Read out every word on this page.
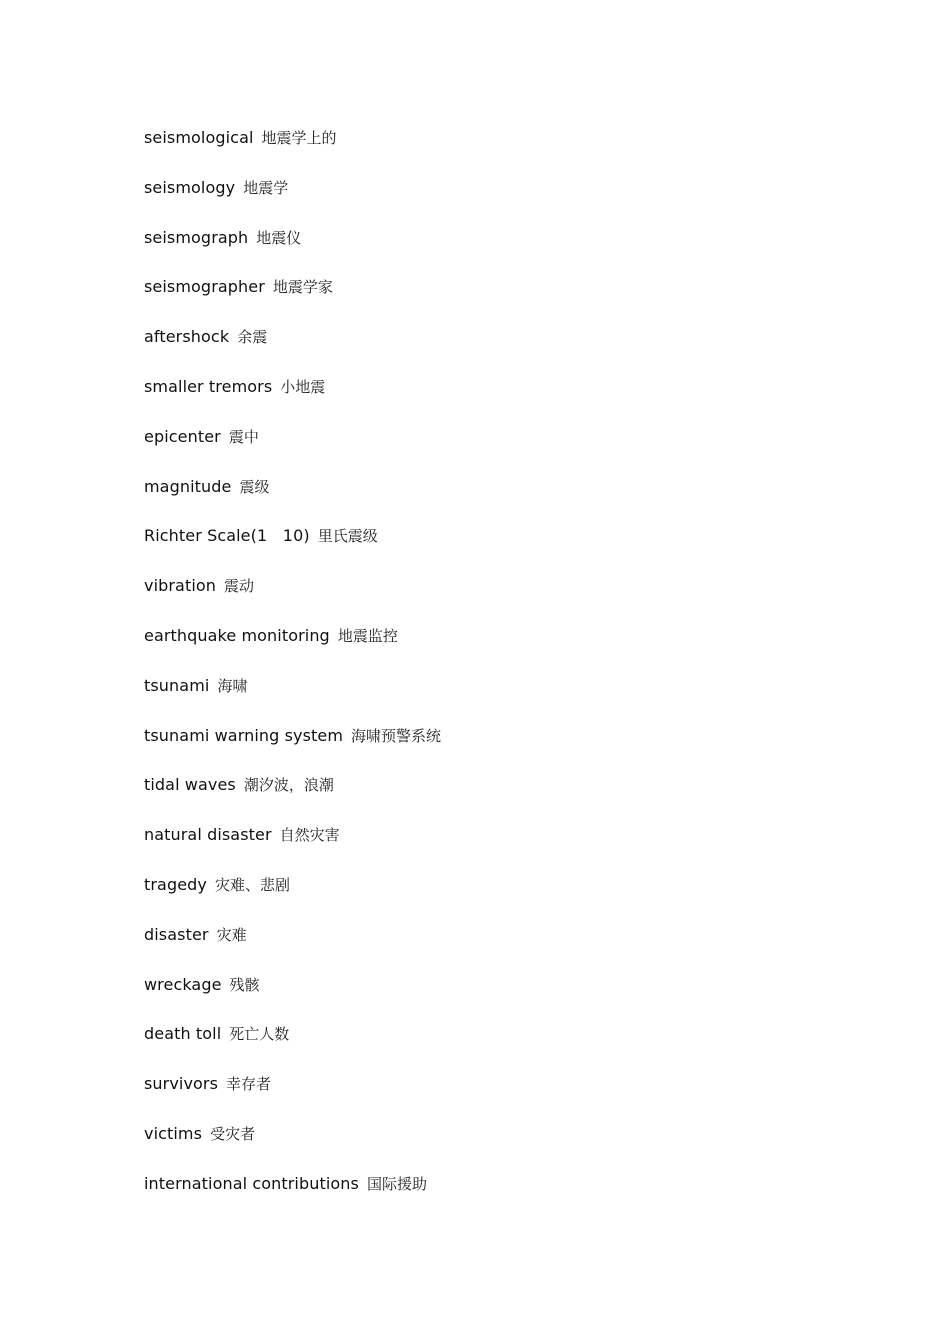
seismological 地震学上的
seismology 地震学
seismograph 地震仪
seismographer 地震学家
aftershock 余震
smaller tremors 小地震
epicenter 震中
magnitude 震级
Richter Scale(1   10) 里氏震级
vibration 震动
earthquake monitoring 地震监控
tsunami 海啸
tsunami warning system 海啸预警系统
tidal waves 潮汐波，浪潮
natural disaster 自然灾害
tragedy 灾难、悲剧
disaster 灾难
wreckage 残骸
death toll 死亡人数
survivors 幸存者
victims 受灾者
international contributions 国际援助
